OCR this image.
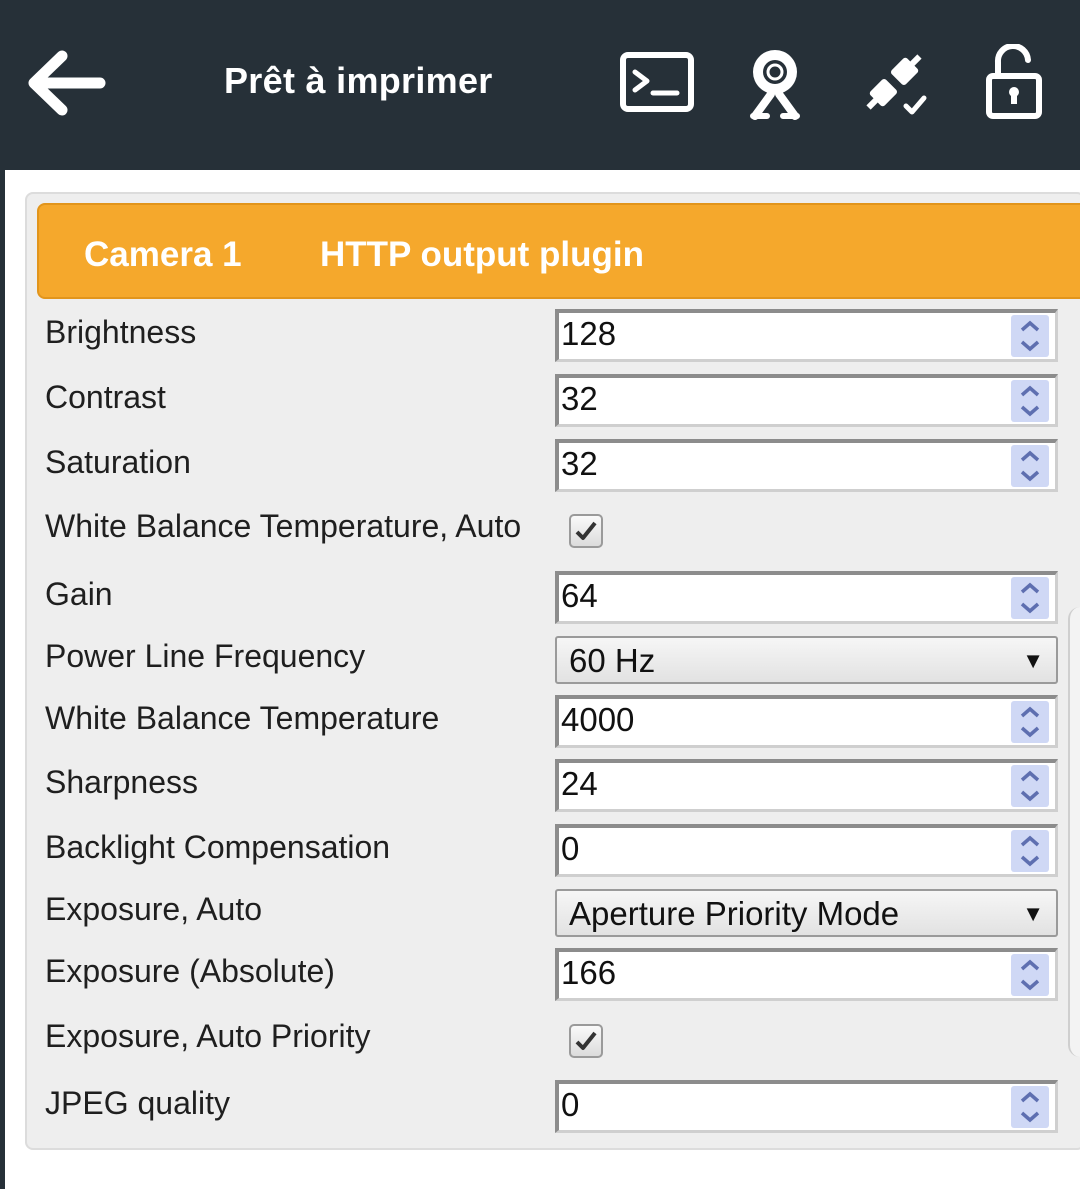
Prêt à imprimer
Camera 1 HTTP output plugin
Brightness	128
Contrast	32
Saturation	32
White Balance Temperature, Auto
Gain	64
Power Line Frequency	60 Hz	▼
White Balance Temperature	4000
Sharpness	24
Backlight Compensation	0
Exposure, Auto	Aperture Priority Mode	▼
Exposure (Absolute)	166
Exposure, Auto Priority
JPEG quality	0
